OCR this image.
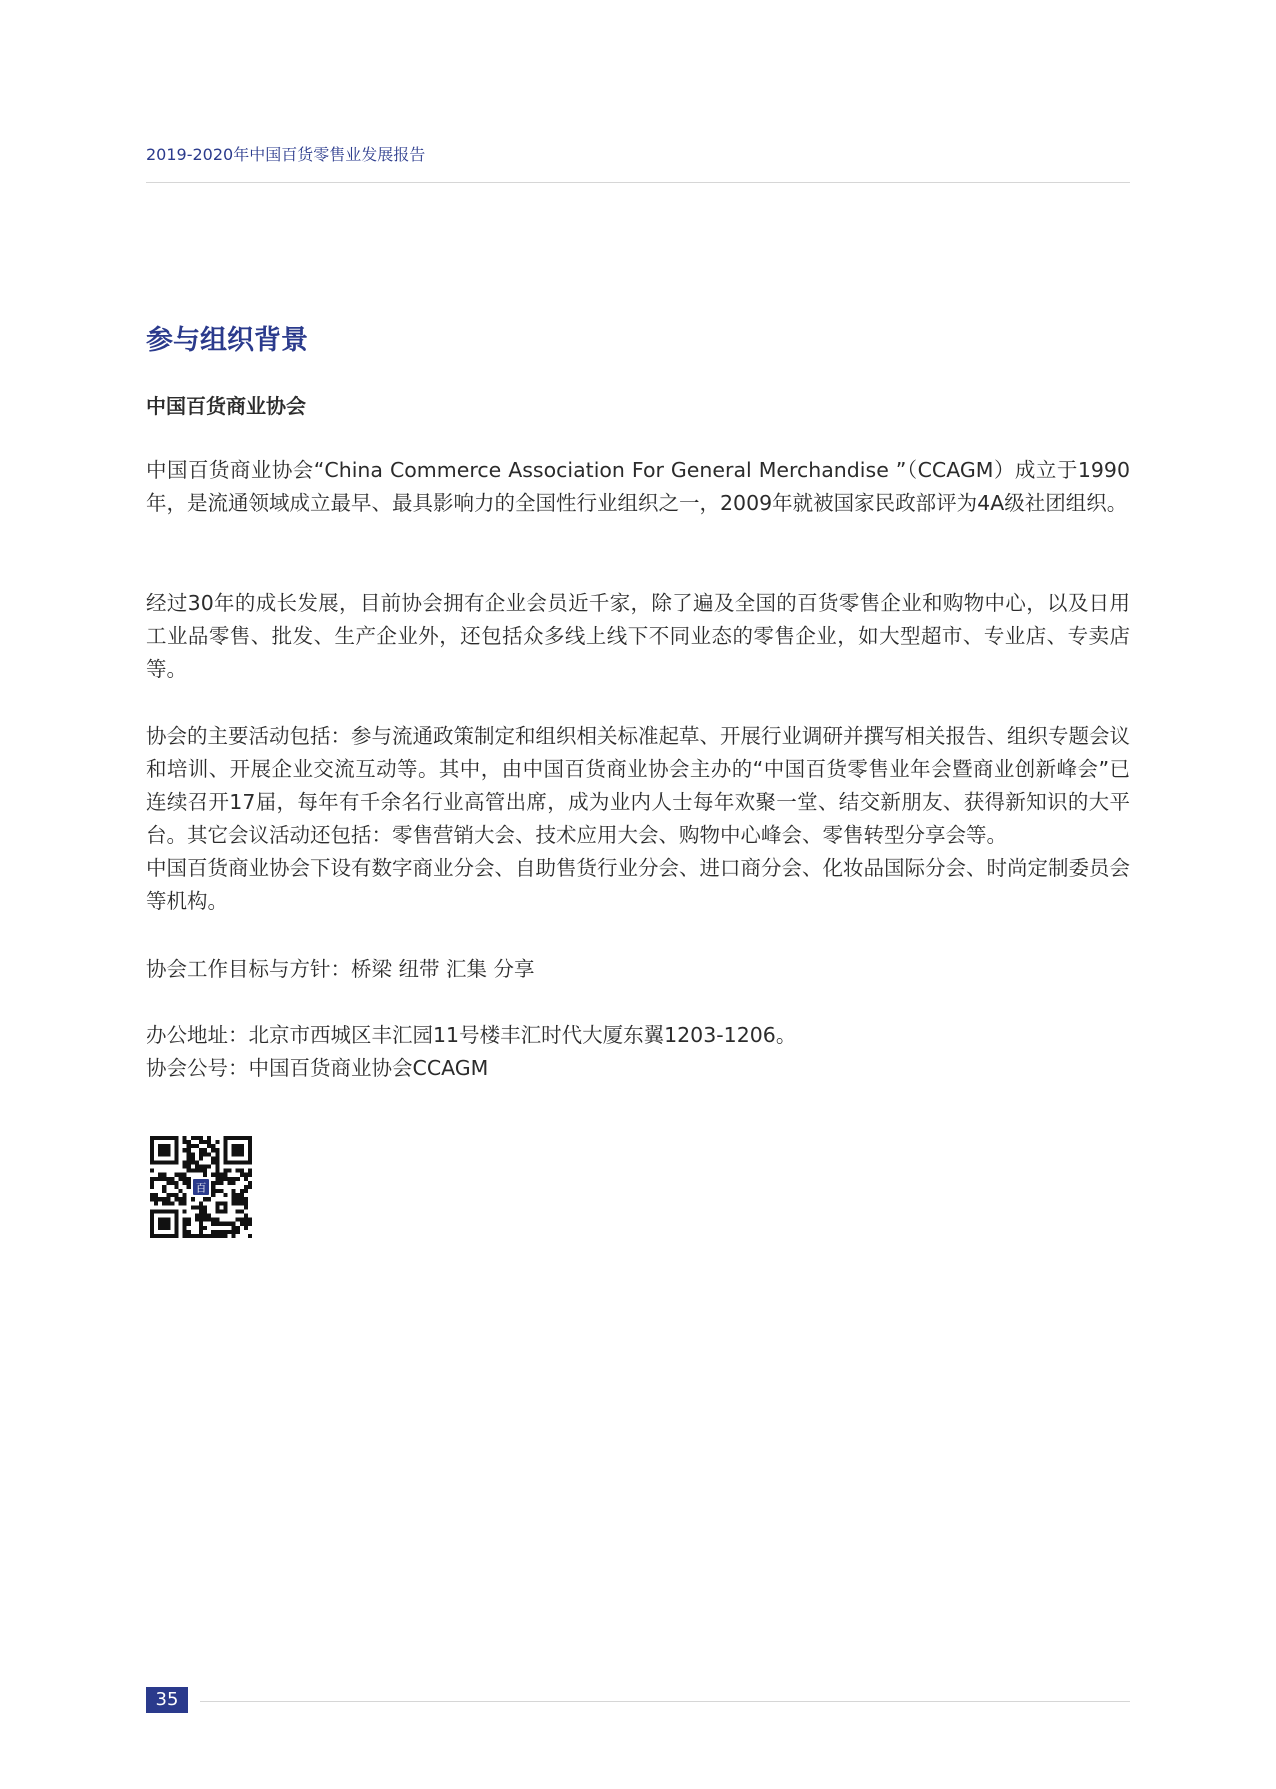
2019-2020年中国百货零售业发展报告
参与组织背景
中国百货商业协会

中国百货商业协会“China Commerce Association For General Merchandise ”（CCAGM）成立于1990年，是流通领域成立最早、最具影响力的全国性行业组织之一，2009年就被国家民政部评为4A级社团组织。

经过30年的成长发展，目前协会拥有企业会员近千家，除了遍及全国的百货零售企业和购物中心，以及日用工业品零售、批发、生产企业外，还包括众多线上线下不同业态的零售企业，如大型超市、专业店、专卖店等。

协会的主要活动包括：参与流通政策制定和组织相关标准起草、开展行业调研并撰写相关报告、组织专题会议和培训、开展企业交流互动等。其中，由中国百货商业协会主办的“中国百货零售业年会暨商业创新峰会”已连续召开17届，每年有千余名行业高管出席，成为业内人士每年欢聚一堂、结交新朋友、获得新知识的大平台。其它会议活动还包括：零售营销大会、技术应用大会、购物中心峰会、零售转型分享会等。

中国百货商业协会下设有数字商业分会、自助售货行业分会、进口商分会、化妆品国际分会、时尚定制委员会等机构。

协会工作目标与方针：桥梁 纽带 汇集 分享

办公地址：北京市西城区丰汇园11号楼丰汇时代大厦东翼1203-1206。

协会公号：中国百货商业协会CCAGM

百
35
